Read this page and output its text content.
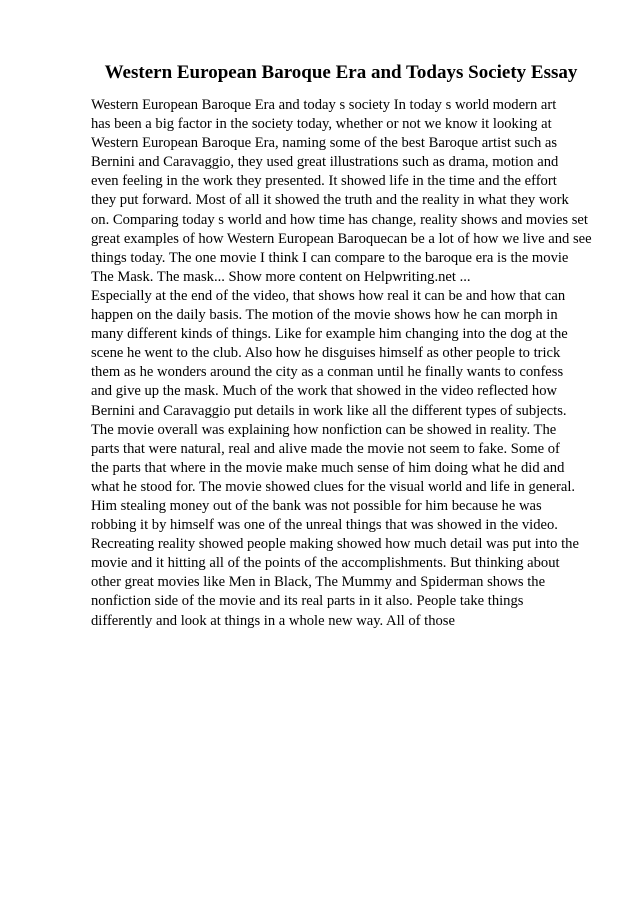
Western European Baroque Era and Todays Society Essay
Western European Baroque Era and today s society In today s world modern art
has been a big factor in the society today, whether or not we know it looking at
Western European Baroque Era, naming some of the best Baroque artist such as
Bernini and Caravaggio, they used great illustrations such as drama, motion and
even feeling in the work they presented. It showed life in the time and the effort
they put forward. Most of all it showed the truth and the reality in what they work
on. Comparing today s world and how time has change, reality shows and movies set
great examples of how Western European Baroquecan be a lot of how we live and see
things today. The one movie I think I can compare to the baroque era is the movie
The Mask. The mask... Show more content on Helpwriting.net ...
Especially at the end of the video, that shows how real it can be and how that can
happen on the daily basis. The motion of the movie shows how he can morph in
many different kinds of things. Like for example him changing into the dog at the
scene he went to the club. Also how he disguises himself as other people to trick
them as he wonders around the city as a conman until he finally wants to confess
and give up the mask. Much of the work that showed in the video reflected how
Bernini and Caravaggio put details in work like all the different types of subjects.
The movie overall was explaining how nonfiction can be showed in reality. The
parts that were natural, real and alive made the movie not seem to fake. Some of
the parts that where in the movie make much sense of him doing what he did and
what he stood for. The movie showed clues for the visual world and life in general.
Him stealing money out of the bank was not possible for him because he was
robbing it by himself was one of the unreal things that was showed in the video.
Recreating reality showed people making showed how much detail was put into the
movie and it hitting all of the points of the accomplishments. But thinking about
other great movies like Men in Black, The Mummy and Spiderman shows the
nonfiction side of the movie and its real parts in it also. People take things
differently and look at things in a whole new way. All of those
